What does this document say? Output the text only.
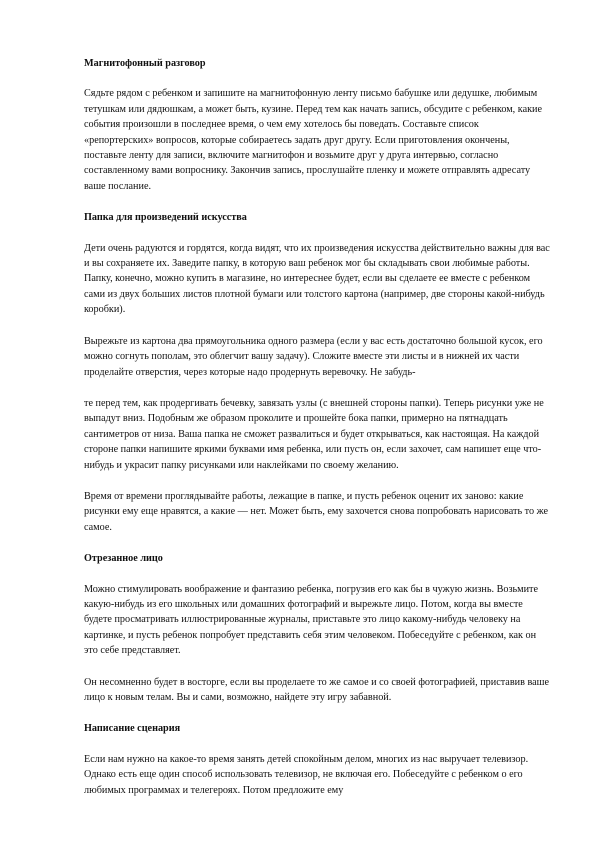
Магнитофонный разговор
Сядьте рядом с ребенком и запишите на магнитофонную ленту письмо бабушке или дедушке, любимым тетушкам или дядюшкам, а может быть, кузине. Перед тем как начать запись, обсудите с ребенком, какие события произошли в последнее время, о чем ему хотелось бы поведать. Составьте список «репортерских» вопросов, которые собираетесь задать друг другу. Если приготовления окончены, поставьте ленту для записи, включите магнитофон и возьмите друг у друга интервью, согласно составленному вами вопроснику. Закончив запись, прослушайте пленку и можете отправлять адресату ваше послание.
Папка для произведений искусства
Дети очень радуются и гордятся, когда видят, что их произведения искусства действительно важны для вас и вы сохраняете их. Заведите папку, в которую ваш ребенок мог бы складывать свои любимые работы. Папку, конечно, можно купить в магазине, но интереснее будет, если вы сделаете ее вместе с ребенком сами из двух больших листов плотной бумаги или толстого картона (например, две стороны какой-нибудь коробки).
Вырежьте из картона два прямоугольника одного размера (если у вас есть достаточно большой кусок, его можно согнуть пополам, это облегчит вашу задачу). Сложите вместе эти листы и в нижней их части проделайте отверстия, через которые надо продернуть веревочку. Не забудь-
те перед тем, как продергивать бечевку, завязать узлы (с внешней стороны папки). Теперь рисунки уже не выпадут вниз. Подобным же образом проколите и прошейте бока папки, примерно на пятнадцать сантиметров от низа. Ваша папка не сможет развалиться и будет открываться, как настоящая. На каждой стороне папки напишите яркими буквами имя ребенка, или пусть он, если захочет, сам напишет еще что-нибудь и украсит папку рисунками или наклейками по своему желанию.
Время от времени проглядывайте работы, лежащие в папке, и пусть ребенок оценит их заново: какие рисунки ему еще нравятся, а какие — нет. Может быть, ему захочется снова попробовать нарисовать то же самое.
Отрезанное лицо
Можно стимулировать воображение и фантазию ребенка, погрузив его как бы в чужую жизнь. Возьмите какую-нибудь из его школьных или домашних фотографий и вырежьте лицо. Потом, когда вы вместе будете просматривать иллюстрированные журналы, приставьте это лицо какому-нибудь человеку на картинке, и пусть ребенок попробует представить себя этим человеком. Побеседуйте с ребенком, как он это себе представляет.
Он несомненно будет в восторге, если вы проделаете то же самое и со своей фотографией, приставив ваше лицо к новым телам. Вы и сами, возможно, найдете эту игру забавной.
Написание сценария
Если нам нужно на какое-то время занять детей спокойным делом, многих из нас выручает телевизор. Однако есть еще один способ использовать телевизор, не включая его. Побеседуйте с ребенком о его любимых программах и телегероях. Потом предложите ему
